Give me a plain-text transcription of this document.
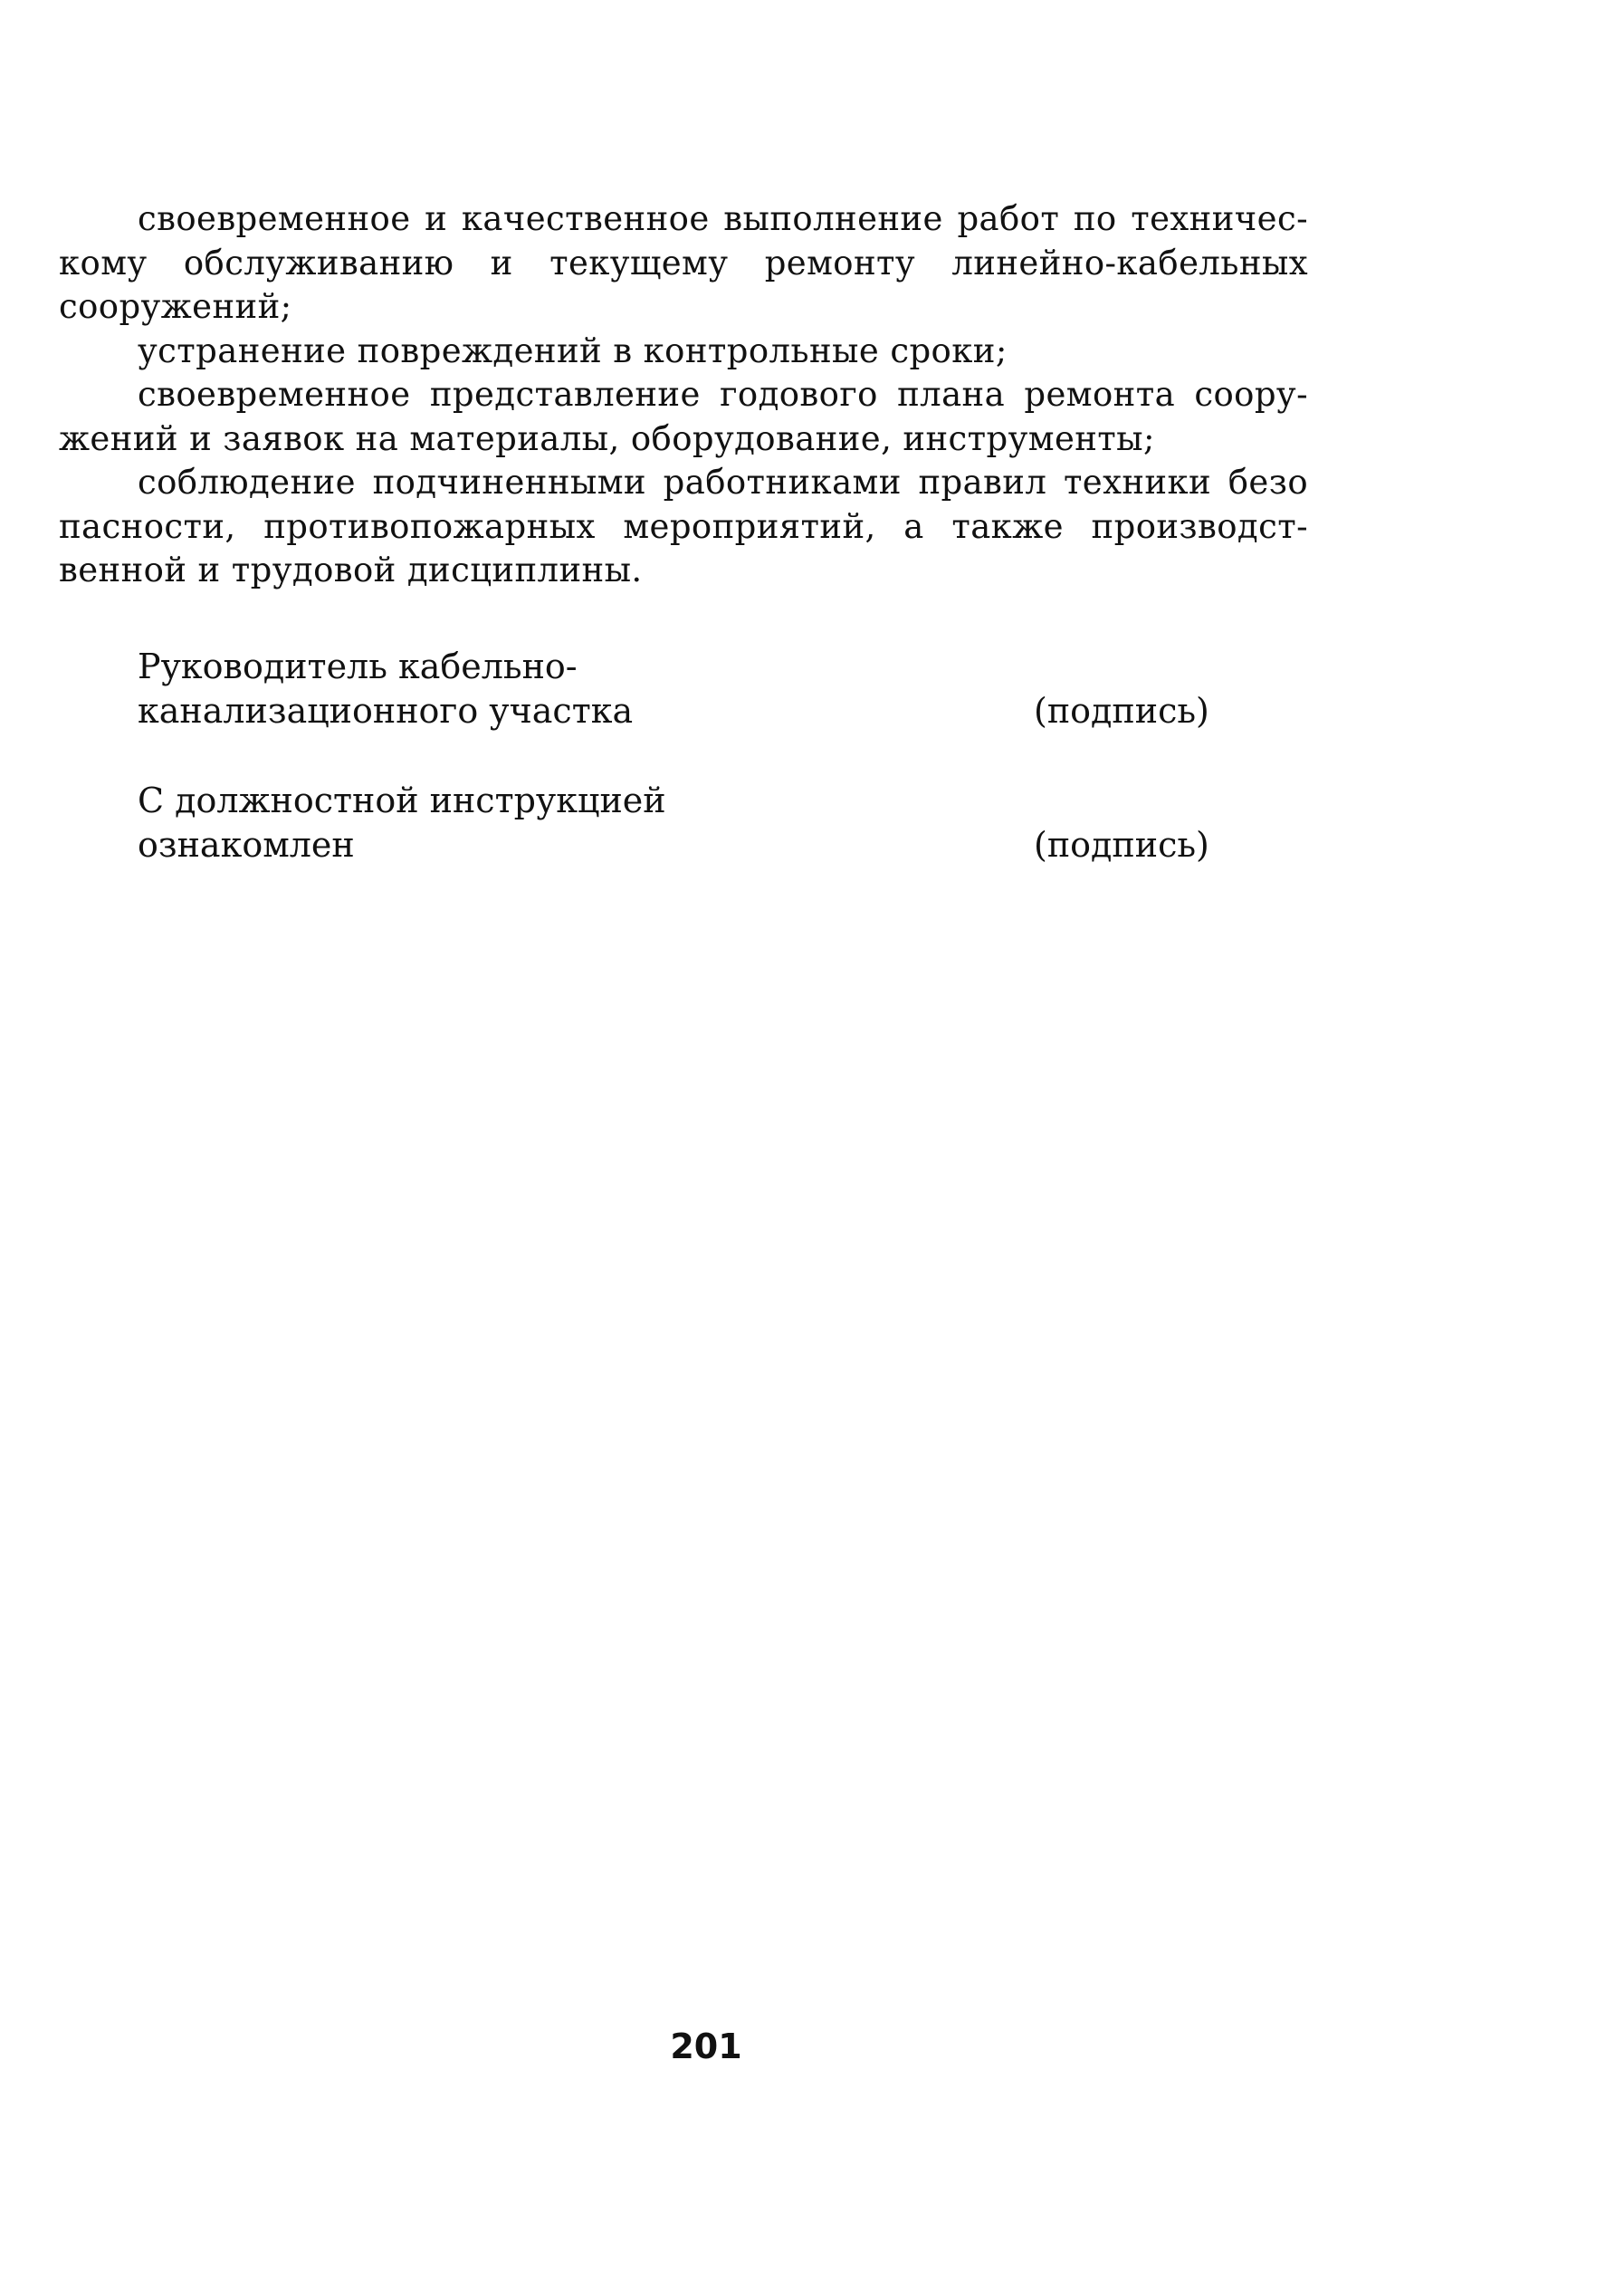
своевременное и качественное выполнение работ по техничес-
кому обслуживанию и текущему ремонту линейно-кабельных
сооружений;
устранение повреждений в контрольные сроки;
своевременное представление годового плана ремонта соору-
жений и заявок на материалы, оборудование, инструменты;
соблюдение подчиненными работниками правил техники безо
пасности, противопожарных мероприятий, а также производст-
венной и трудовой дисциплины.
Руководитель кабельно-
канализационного участка	(подпись)
С должностной инструкцией
ознакомлен	(подпись)
201
